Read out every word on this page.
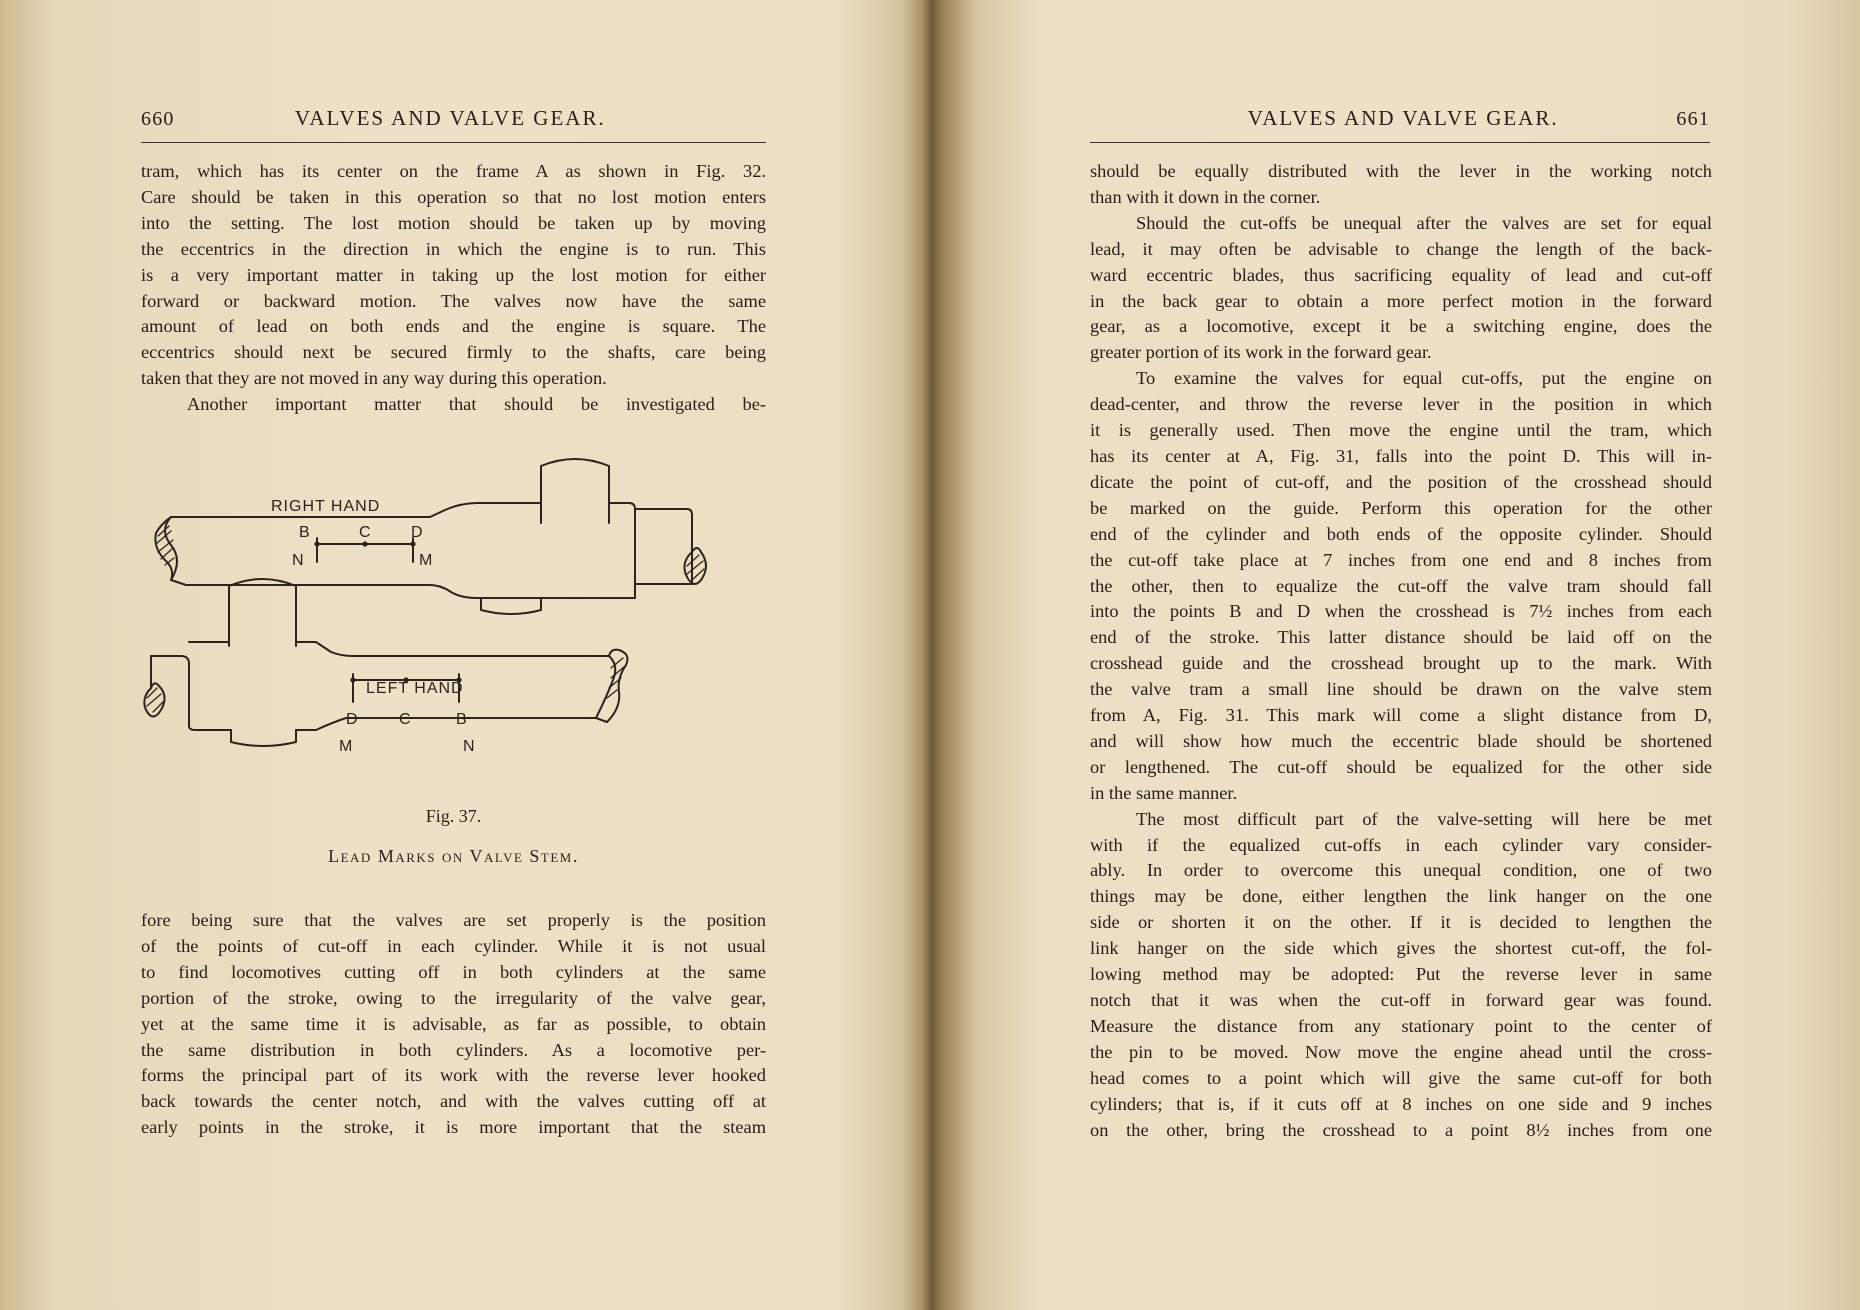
660	VALVES AND VALVE GEAR.
tram, which has its center on the frame A as shown in Fig. 32.
Care should be taken in this operation so that no lost motion enters
into the setting. The lost motion should be taken up by moving
the eccentrics in the direction in which the engine is to run. This
is a very important matter in taking up the lost motion for either
forward or backward motion. The valves now have the same
amount of lead on both ends and the engine is square. The
eccentrics should next be secured firmly to the shafts, care being
taken that they are not moved in any way during this operation.
Another important matter that should be investigated be-
RIGHT HAND
B	C D
N	M
LEFT HAND
D	C	B
M	N
Fig. 37.
Lead Marks on Valve Stem.
fore being sure that the valves are set properly is the position
of the points of cut-off in each cylinder. While it is not usual
to find locomotives cutting off in both cylinders at the same
portion of the stroke, owing to the irregularity of the valve gear,
yet at the same time it is advisable, as far as possible, to obtain
the same distribution in both cylinders. As a locomotive per-
forms the principal part of its work with the reverse lever hooked
back towards the center notch, and with the valves cutting off at
early points in the stroke, it is more important that the steam
VALVES AND VALVE GEAR.	661
should be equally distributed with the lever in the working notch
than with it down in the corner.
Should the cut-offs be unequal after the valves are set for equal
lead, it may often be advisable to change the length of the back-
ward eccentric blades, thus sacrificing equality of lead and cut-off
in the back gear to obtain a more perfect motion in the forward
gear, as a locomotive, except it be a switching engine, does the
greater portion of its work in the forward gear.
To examine the valves for equal cut-offs, put the engine on
dead-center, and throw the reverse lever in the position in which
it is generally used. Then move the engine until the tram, which
has its center at A, Fig. 31, falls into the point D. This will in-
dicate the point of cut-off, and the position of the crosshead should
be marked on the guide. Perform this operation for the other
end of the cylinder and both ends of the opposite cylinder. Should
the cut-off take place at 7 inches from one end and 8 inches from
the other, then to equalize the cut-off the valve tram should fall
into the points B and D when the crosshead is 7½ inches from each
end of the stroke. This latter distance should be laid off on the
crosshead guide and the crosshead brought up to the mark. With
the valve tram a small line should be drawn on the valve stem
from A, Fig. 31. This mark will come a slight distance from D,
and will show how much the eccentric blade should be shortened
or lengthened. The cut-off should be equalized for the other side
in the same manner.
The most difficult part of the valve-setting will here be met
with if the equalized cut-offs in each cylinder vary consider-
ably. In order to overcome this unequal condition, one of two
things may be done, either lengthen the link hanger on the one
side or shorten it on the other. If it is decided to lengthen the
link hanger on the side which gives the shortest cut-off, the fol-
lowing method may be adopted: Put the reverse lever in same
notch that it was when the cut-off in forward gear was found.
Measure the distance from any stationary point to the center of
the pin to be moved. Now move the engine ahead until the cross-
head comes to a point which will give the same cut-off for both
cylinders; that is, if it cuts off at 8 inches on one side and 9 inches
on the other, bring the crosshead to a point 8½ inches from one
